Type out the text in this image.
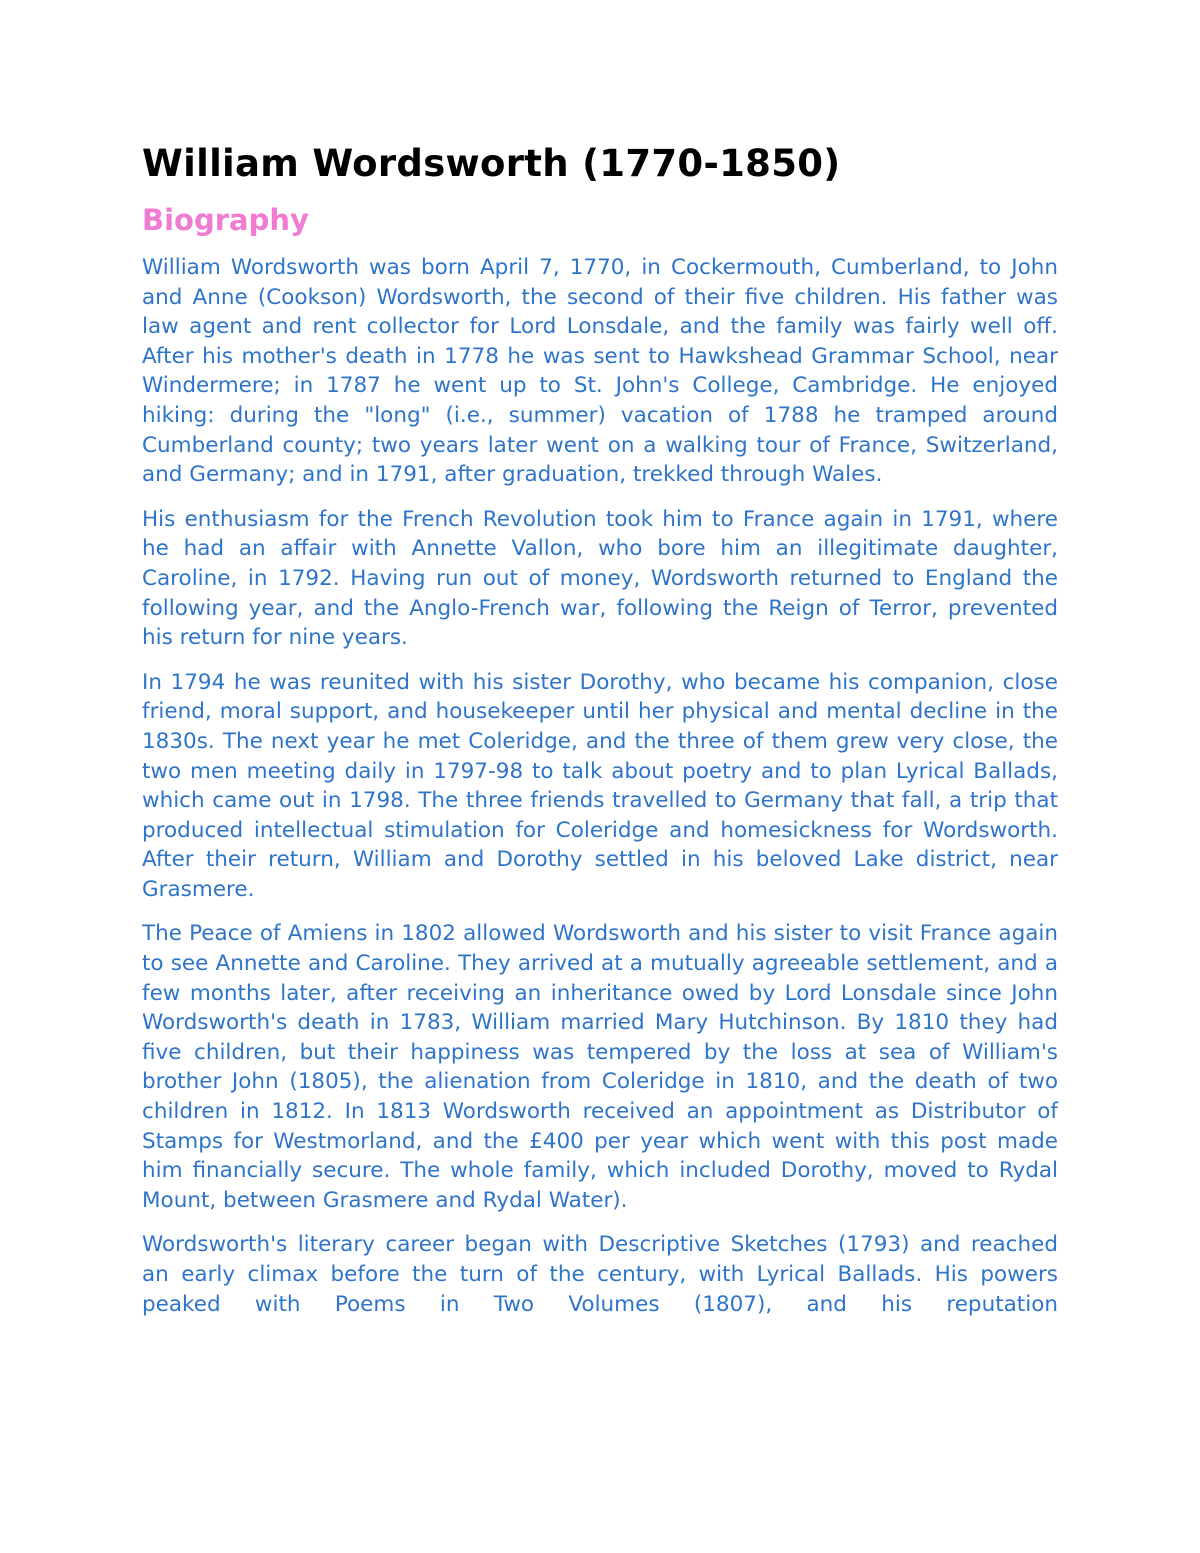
William Wordsworth (1770-1850)
Biography

William Wordsworth was born April 7, 1770, in Cockermouth, Cumberland, to John and Anne (Cookson) Wordsworth, the second of their five children. His father was law agent and rent collector for Lord Lonsdale, and the family was fairly well off. After his mother's death in 1778 he was sent to Hawkshead Grammar School, near Windermere; in 1787 he went up to St. John's College, Cambridge. He enjoyed hiking: during the "long" (i.e., summer) vacation of 1788 he tramped around Cumberland county; two years later went on a walking tour of France, Switzerland, and Germany; and in 1791, after graduation, trekked through Wales.

His enthusiasm for the French Revolution took him to France again in 1791, where he had an affair with Annette Vallon, who bore him an illegitimate daughter, Caroline, in 1792. Having run out of money, Wordsworth returned to England the following year, and the Anglo-French war, following the Reign of Terror, prevented his return for nine years.

In 1794 he was reunited with his sister Dorothy, who became his companion, close friend, moral support, and housekeeper until her physical and mental decline in the 1830s. The next year he met Coleridge, and the three of them grew very close, the two men meeting daily in 1797-98 to talk about poetry and to plan Lyrical Ballads, which came out in 1798. The three friends travelled to Germany that fall, a trip that produced intellectual stimulation for Coleridge and homesickness for Wordsworth. After their return, William and Dorothy settled in his beloved Lake district, near Grasmere.

The Peace of Amiens in 1802 allowed Wordsworth and his sister to visit France again to see Annette and Caroline. They arrived at a mutually agreeable settlement, and a few months later, after receiving an inheritance owed by Lord Lonsdale since John Wordsworth's death in 1783, William married Mary Hutchinson. By 1810 they had five children, but their happiness was tempered by the loss at sea of William's brother John (1805), the alienation from Coleridge in 1810, and the death of two children in 1812. In 1813 Wordsworth received an appointment as Distributor of Stamps for Westmorland, and the £400 per year which went with this post made him financially secure. The whole family, which included Dorothy, moved to Rydal Mount, between Grasmere and Rydal Water).

Wordsworth's literary career began with Descriptive Sketches (1793) and reached an early climax before the turn of the century, with Lyrical Ballads. His powers peaked with Poems in Two Volumes (1807), and his reputation
